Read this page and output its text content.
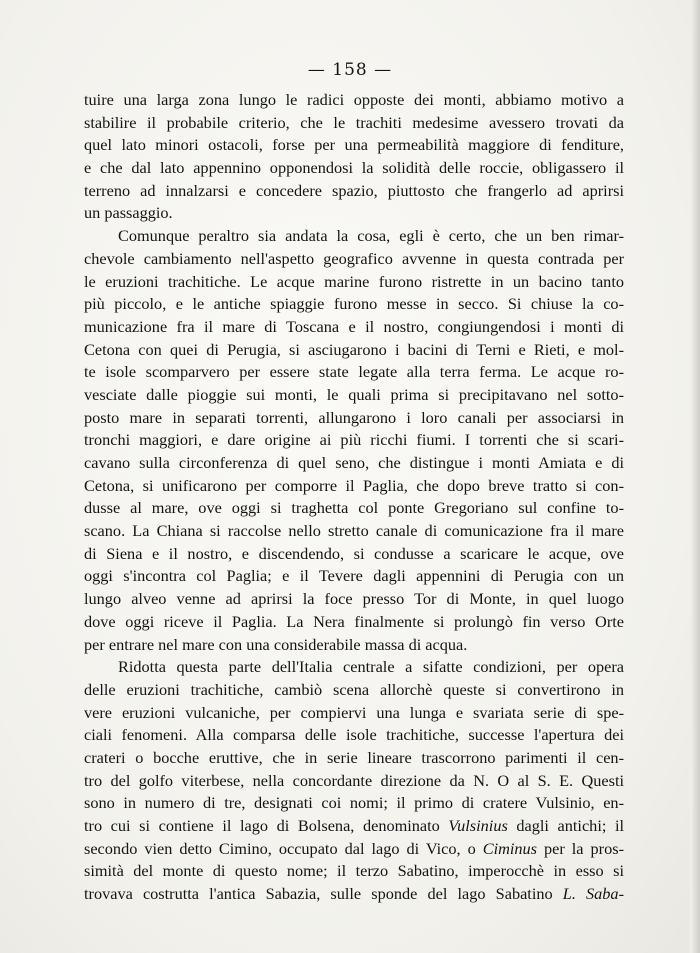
— 158 —
tuire una larga zona lungo le radici opposte dei monti, abbiamo motivo a
stabilire il probabile criterio, che le trachiti medesime avessero trovati da
quel lato minori ostacoli, forse per una permeabilità maggiore di fenditure,
e che dal lato appennino opponendosi la solidità delle roccie, obligassero il
terreno ad innalzarsi e concedere spazio, piuttosto che frangerlo ad aprirsi
un passaggio.
Comunque peraltro sia andata la cosa, egli è certo, che un ben rimar-
chevole cambiamento nell'aspetto geografico avvenne in questa contrada per
le eruzioni trachitiche. Le acque marine furono ristrette in un bacino tanto
più piccolo, e le antiche spiaggie furono messe in secco. Si chiuse la co-
municazione fra il mare di Toscana e il nostro, congiungendosi i monti di
Cetona con quei di Perugia, si asciugarono i bacini di Terni e Rieti, e mol-
te isole scomparvero per essere state legate alla terra ferma. Le acque ro-
vesciate dalle pioggie sui monti, le quali prima si precipitavano nel sotto-
posto mare in separati torrenti, allungarono i loro canali per associarsi in
tronchi maggiori, e dare origine ai più ricchi fiumi. I torrenti che si scari-
cavano sulla circonferenza di quel seno, che distingue i monti Amiata e di
Cetona, si unificarono per comporre il Paglia, che dopo breve tratto si con-
dusse al mare, ove oggi si traghetta col ponte Gregoriano sul confine to-
scano. La Chiana si raccolse nello stretto canale di comunicazione fra il mare
di Siena e il nostro, e discendendo, si condusse a scaricare le acque, ove
oggi s'incontra col Paglia; e il Tevere dagli appennini di Perugia con un
lungo alveo venne ad aprirsi la foce presso Tor di Monte, in quel luogo
dove oggi riceve il Paglia. La Nera finalmente si prolungò fin verso Orte
per entrare nel mare con una considerabile massa di acqua.
Ridotta questa parte dell'Italia centrale a sifatte condizioni, per opera
delle eruzioni trachitiche, cambiò scena allorchè queste si convertirono in
vere eruzioni vulcaniche, per compiervi una lunga e svariata serie di spe-
ciali fenomeni. Alla comparsa delle isole trachitiche, successe l'apertura dei
crateri o bocche eruttive, che in serie lineare trascorrono parimenti il cen-
tro del golfo viterbese, nella concordante direzione da N. O al S. E. Questi
sono in numero di tre, designati coi nomi; il primo di cratere Vulsinio, en-
tro cui si contiene il lago di Bolsena, denominato Vulsinius dagli antichi; il
secondo vien detto Cimino, occupato dal lago di Vico, o Ciminus per la pros-
simità del monte di questo nome; il terzo Sabatino, imperocchè in esso si
trovava costrutta l'antica Sabazia, sulle sponde del lago Sabatino L. Saba-
